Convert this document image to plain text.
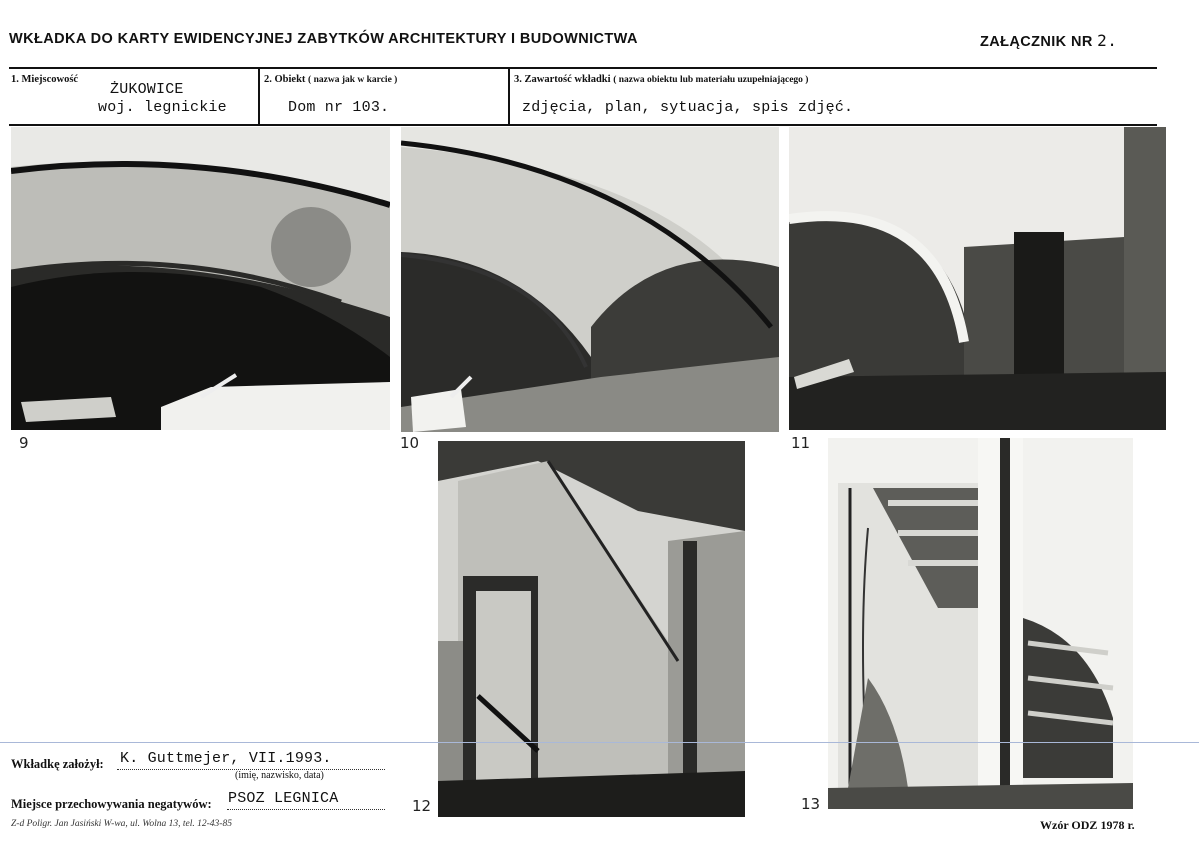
WKŁADKA DO KARTY EWIDENCYJNEJ ZABYTKÓW ARCHITEKTURY I BUDOWNICTWA	ZAŁĄCZNIK NR 2.
1. Miejscowość
ŻUKOWICE
woj. legnickie
2. Obiekt ( nazwa jak w karcie )
Dom nr 103.
3. Zawartość wkładki ( nazwa obiektu lub materiału uzupełniającego )
zdjęcia, plan, sytuacja, spis zdjęć.
9	10	11
12	13
Wkładkę założył: K. Guttmejer, VII.1993.
(imię, nazwisko, data)
Miejsce przechowywania negatywów: PSOZ LEGNICA
Z-d Poligr. Jan Jasiński W-wa, ul. Wolna 13, tel. 12-43-85	Wzór ODZ 1978 r.
